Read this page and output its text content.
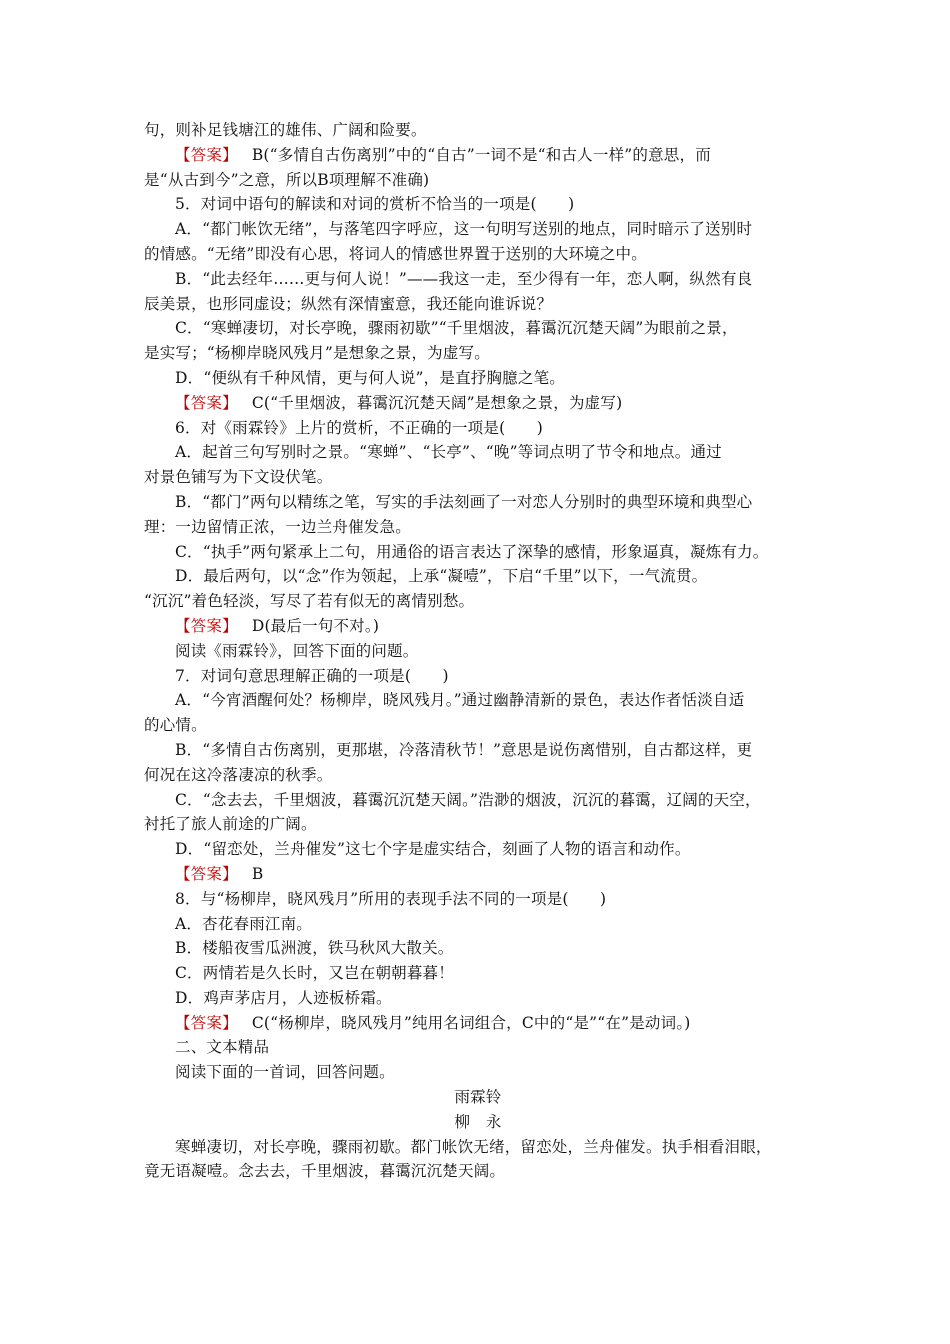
句，则补足钱塘江的雄伟、广阔和险要。
【答案】 B(“多情自古伤离别”中的“自古”一词不是“和古人一样”的意思，而
是“从古到今”之意，所以B项理解不准确)
5．对词中语句的解读和对词的赏析不恰当的一项是(　　)
A．“都门帐饮无绪”，与落笔四字呼应，这一句明写送别的地点，同时暗示了送别时
的情感。“无绪”即没有心思，将词人的情感世界置于送别的大环境之中。
B．“此去经年……更与何人说！”——我这一走，至少得有一年，恋人啊，纵然有良
辰美景，也形同虚设；纵然有深情蜜意，我还能向谁诉说？
C．“寒蝉凄切，对长亭晚，骤雨初歇”“千里烟波，暮霭沉沉楚天阔”为眼前之景，
是实写；“杨柳岸晓风残月”是想象之景，为虚写。
D．“便纵有千种风情，更与何人说”，是直抒胸臆之笔。
【答案】 C(“千里烟波，暮霭沉沉楚天阔”是想象之景，为虚写)
6．对《雨霖铃》上片的赏析，不正确的一项是(　　)
A．起首三句写别时之景。“寒蝉”、“长亭”、“晚”等词点明了节令和地点。通过
对景色铺写为下文设伏笔。
B．“都门”两句以精练之笔，写实的手法刻画了一对恋人分别时的典型环境和典型心
理：一边留情正浓，一边兰舟催发急。
C．“执手”两句紧承上二句，用通俗的语言表达了深挚的感情，形象逼真，凝炼有力。
D．最后两句，以“念”作为领起，上承“凝噎”，下启“千里”以下，一气流贯。
“沉沉”着色轻淡，写尽了若有似无的离情别愁。
【答案】 D(最后一句不对。)
阅读《雨霖铃》，回答下面的问题。
7．对词句意思理解正确的一项是(　　)
A．“今宵酒醒何处？杨柳岸，晓风残月。”通过幽静清新的景色，表达作者恬淡自适
的心情。
B．“多情自古伤离别，更那堪，冷落清秋节！”意思是说伤离惜别，自古都这样，更
何况在这冷落凄凉的秋季。
C．“念去去，千里烟波，暮霭沉沉楚天阔。”浩渺的烟波，沉沉的暮霭，辽阔的天空，
衬托了旅人前途的广阔。
D．“留恋处，兰舟催发”这七个字是虚实结合，刻画了人物的语言和动作。
【答案】 B
8．与“杨柳岸，晓风残月”所用的表现手法不同的一项是(　　)
A．杏花春雨江南。
B．楼船夜雪瓜洲渡，铁马秋风大散关。
C．两情若是久长时，又岂在朝朝暮暮！
D．鸡声茅店月，人迹板桥霜。
【答案】 C(“杨柳岸，晓风残月”纯用名词组合，C中的“是”“在”是动词。)
二、文本精品
阅读下面的一首词，回答问题。
雨霖铃
柳　永
寒蝉凄切，对长亭晚，骤雨初歇。都门帐饮无绪，留恋处，兰舟催发。执手相看泪眼，
竟无语凝噎。念去去，千里烟波，暮霭沉沉楚天阔。
